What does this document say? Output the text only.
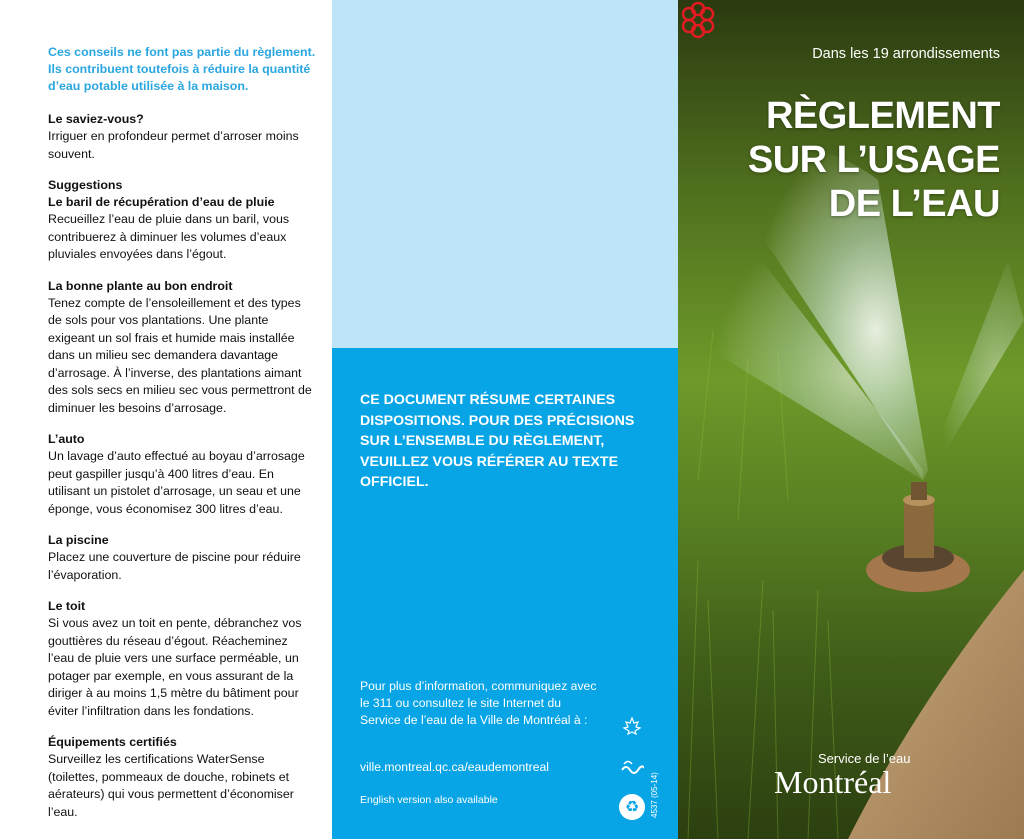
Ces conseils ne font pas partie du règlement. Ils contribuent toutefois à réduire la quantité d’eau potable utilisée à la maison.

Le saviez-vous?

Irriguer en profondeur permet d’arroser moins souvent.

Suggestions
Le baril de récupération d’eau de pluie

Recueillez l’eau de pluie dans un baril, vous contribuerez à diminuer les volumes d’eaux pluviales envoyées dans l’égout.

La bonne plante au bon endroit

Tenez compte de l’ensoleillement et des types de sols pour vos plantations. Une plante exigeant un sol frais et humide mais installée dans un milieu sec demandera davantage d’arrosage. À l’inverse, des plantations aimant des sols secs en milieu sec vous permettront de diminuer les besoins d’arrosage.

L’auto

Un lavage d’auto effectué au boyau d’arrosage peut gaspiller jusqu’à 400 litres d’eau. En utilisant un pistolet d’arrosage, un seau et une éponge, vous économisez 300 litres d’eau.

La piscine

Placez une couverture de piscine pour réduire l’évaporation.

Le toit

Si vous avez un toit en pente, débranchez vos gouttières du réseau d’égout. Réacheminez l’eau de pluie vers une surface perméable, un potager par exemple, en vous assurant de la diriger à au moins 1,5 mètre du bâtiment pour éviter l’infiltration dans les fondations.

Équipements certifiés

Surveillez les certifications WaterSense (toilettes, pommeaux de douche, robinets et aérateurs) qui vous permettent d’économiser l’eau.

CE DOCUMENT RÉSUME CERTAINES DISPOSITIONS. POUR DES PRÉCISIONS SUR L’ENSEMBLE DU RÈGLEMENT, VEUILLEZ VOUS RÉFÉRER AU TEXTE OFFICIEL.

Pour plus d’information, communiquez avec le 311 ou consultez le site Internet du Service de l’eau de la Ville de Montréal à :

ville.montreal.qc.ca/eaudemontreal

English version also available	♻	4537 (05-14)

Dans les 19 arrondissements

RÈGLEMENT
SUR L’USAGE
DE L’EAU

Service de l’eau

Montréal
